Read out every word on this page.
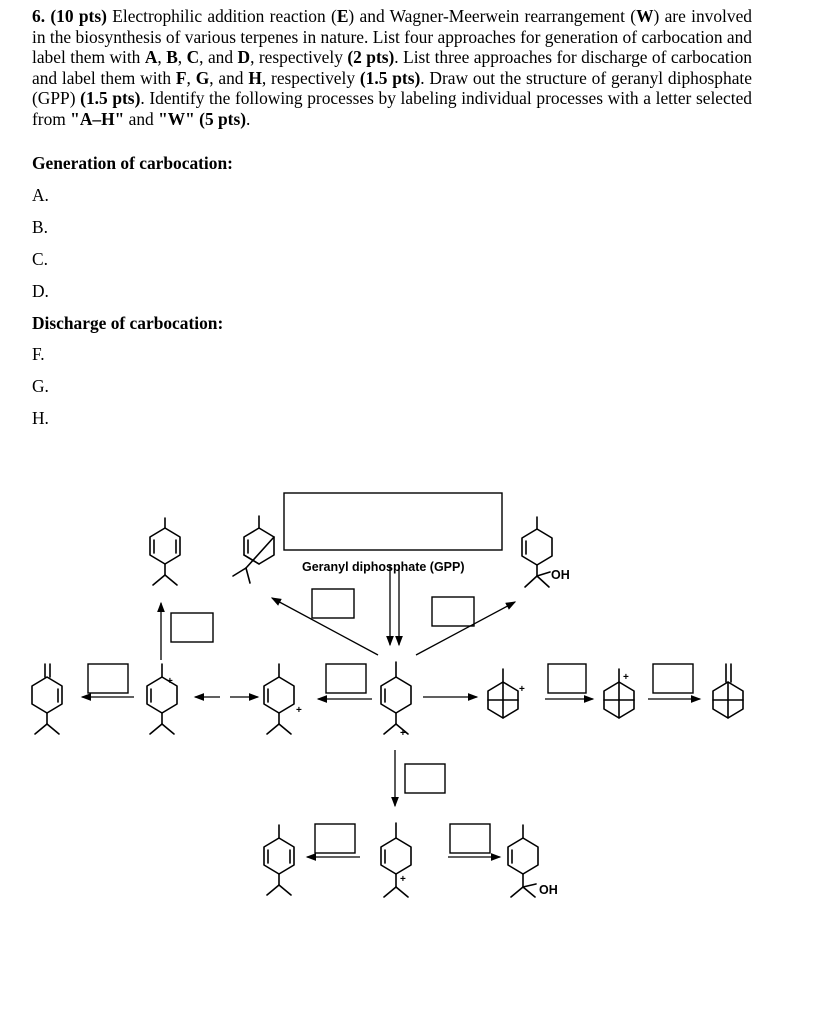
6. (10 pts) Electrophilic addition reaction (E) and Wagner-Meerwein rearrangement (W) are involved in the biosynthesis of various terpenes in nature. List four approaches for generation of carbocation and label them with A, B, C, and D, respectively (2 pts). List three approaches for discharge of carbocation and label them with F, G, and H, respectively (1.5 pts). Draw out the structure of geranyl diphosphate (GPP) (1.5 pts). Identify the following processes by labeling individual processes with a letter selected from "A–H" and "W" (5 pts).
Generation of carbocation:
A.
B.
C.
D.
Discharge of carbocation:
F.
G.
H.
Geranyl diphosphate (GPP)
OH
+
+
+
+
+
+
OH
